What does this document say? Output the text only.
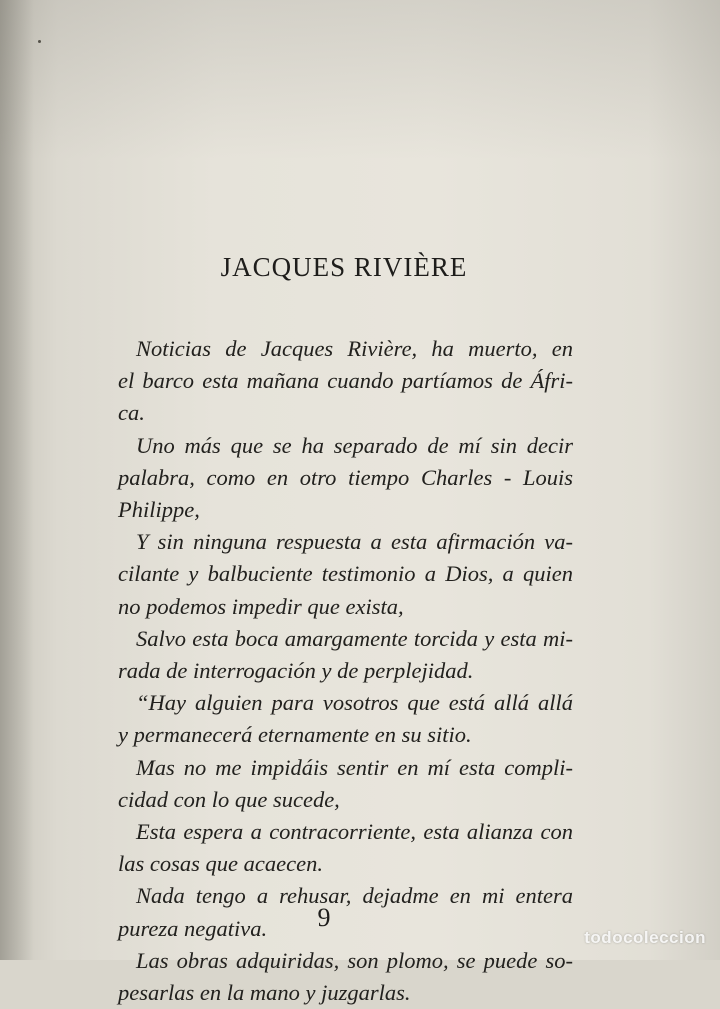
JACQUES RIVIÈRE
Noticias de Jacques Rivière, ha muerto, en
el barco esta mañana cuando partíamos de Áfri-
ca.
Uno más que se ha separado de mí sin decir
palabra, como en otro tiempo Charles - Louis
Philippe,
Y sin ninguna respuesta a esta afirmación va-
cilante y balbuciente testimonio a Dios, a quien
no podemos impedir que exista,
Salvo esta boca amargamente torcida y esta mi-
rada de interrogación y de perplejidad.
“Hay alguien para vosotros que está allá allá
y permanecerá eternamente en su sitio.
Mas no me impidáis sentir en mí esta compli-
cidad con lo que sucede,
Esta espera a contracorriente, esta alianza con
las cosas que acaecen.
Nada tengo a rehusar, dejadme en mi entera
pureza negativa.
Las obras adquiridas, son plomo, se puede so-
pesarlas en la mano y juzgarlas.
9
todocoleccion
